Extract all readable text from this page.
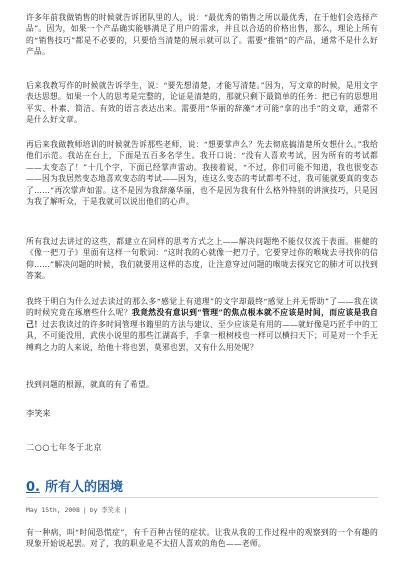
许多年前我做销售的时候就告诉团队里的人，说：“最优秀的销售之所以最优秀，在于他们会选择产品”。因为，如果一个产品确实能够满足了用户的需求，并且以合适的价格出售，那么，理论上所有的“销售技巧”都是不必要的，只要恰当清楚的展示就可以了。需要“推销”的产品，通常不是什么好产品。

后来我教写作的时候就告诉学生，说：“要先想清楚，才能写清楚。”因为，写文章的时候，是用文字表达思想。如果一个人的思考是完整的，论证是清楚的，那就只剩下最简单的任务：把已有的思想用平实、朴素、简洁、有效的语言表达出来。需要用“华丽的辞藻”才可能“拿的出手”的文章，通常不是什么好文章。

再后来我做教师培训的时候就告诉那些老师，说：“想要掌声么？先去彻底搞清楚所女想什么。”我给他们示范。我站在台上，下面是五百多名学生。我开口说：“没有人喜欢考试，因为所有的考试都——太变态了！”十几个字，下面已经掌声雷动。我接着说，“不过，你们可能不知道，我也很变态——因为我居然变态地喜欢变态的考试——因为，连这么变态的考试都考不过，我可能就要真的变态了……”再次掌声如雷。这不是因为我辞藻华丽，也不是因为我有什么格外特别的讲演技巧，只是因为我了解听众，于是我就可以说出他们的心声。

所有我过去讲过的这些，都建立在同样的思考方式之上——解决问题绝不能仅仅流于表面。崔健的《像一把刀子》里面有这样一句歌词：“这时我的心就像一把刀子，它要穿过你的喉咙去寻找你的信仰……”解决问题的时候，我们就要用这样的态度，让注意穿过问题的喉咙去探究它的肺才可以找到答案。

我终于明白为什么过去读过的那么多“感觉上有道理”的文字却最终“感觉上并无帮助”了——我在读的时候究竟在琢磨些什么呢？我竟然没有意识到“管理”的焦点根本就不应该是时间，而应该是我自己！过去我读过的许多时间管理书籍里的方法与建议、至少应该是有用的——就好像是巧匠手中的工具，不可能没用，武侠小说里的那些江湖高手，手拿一根树枝也一样可以横扫天下；可是对一个手无缚鸡之力的人来说，给他十将也罢，莫邪也罢，又有什么用处呢？

找到问题的根源，就真的有了希望。

李笑来
二○○七年冬于北京
0. 所有人的困境
May 15th, 2008 | by 李笑来 |

有一种病，叫“时间恐慌症”，有千百种古怪的症状。让我从我的工作过程中的观察到的一个有趣的现象开始说起罢。对了，我的职业是不太招人喜欢的角色——老师。
